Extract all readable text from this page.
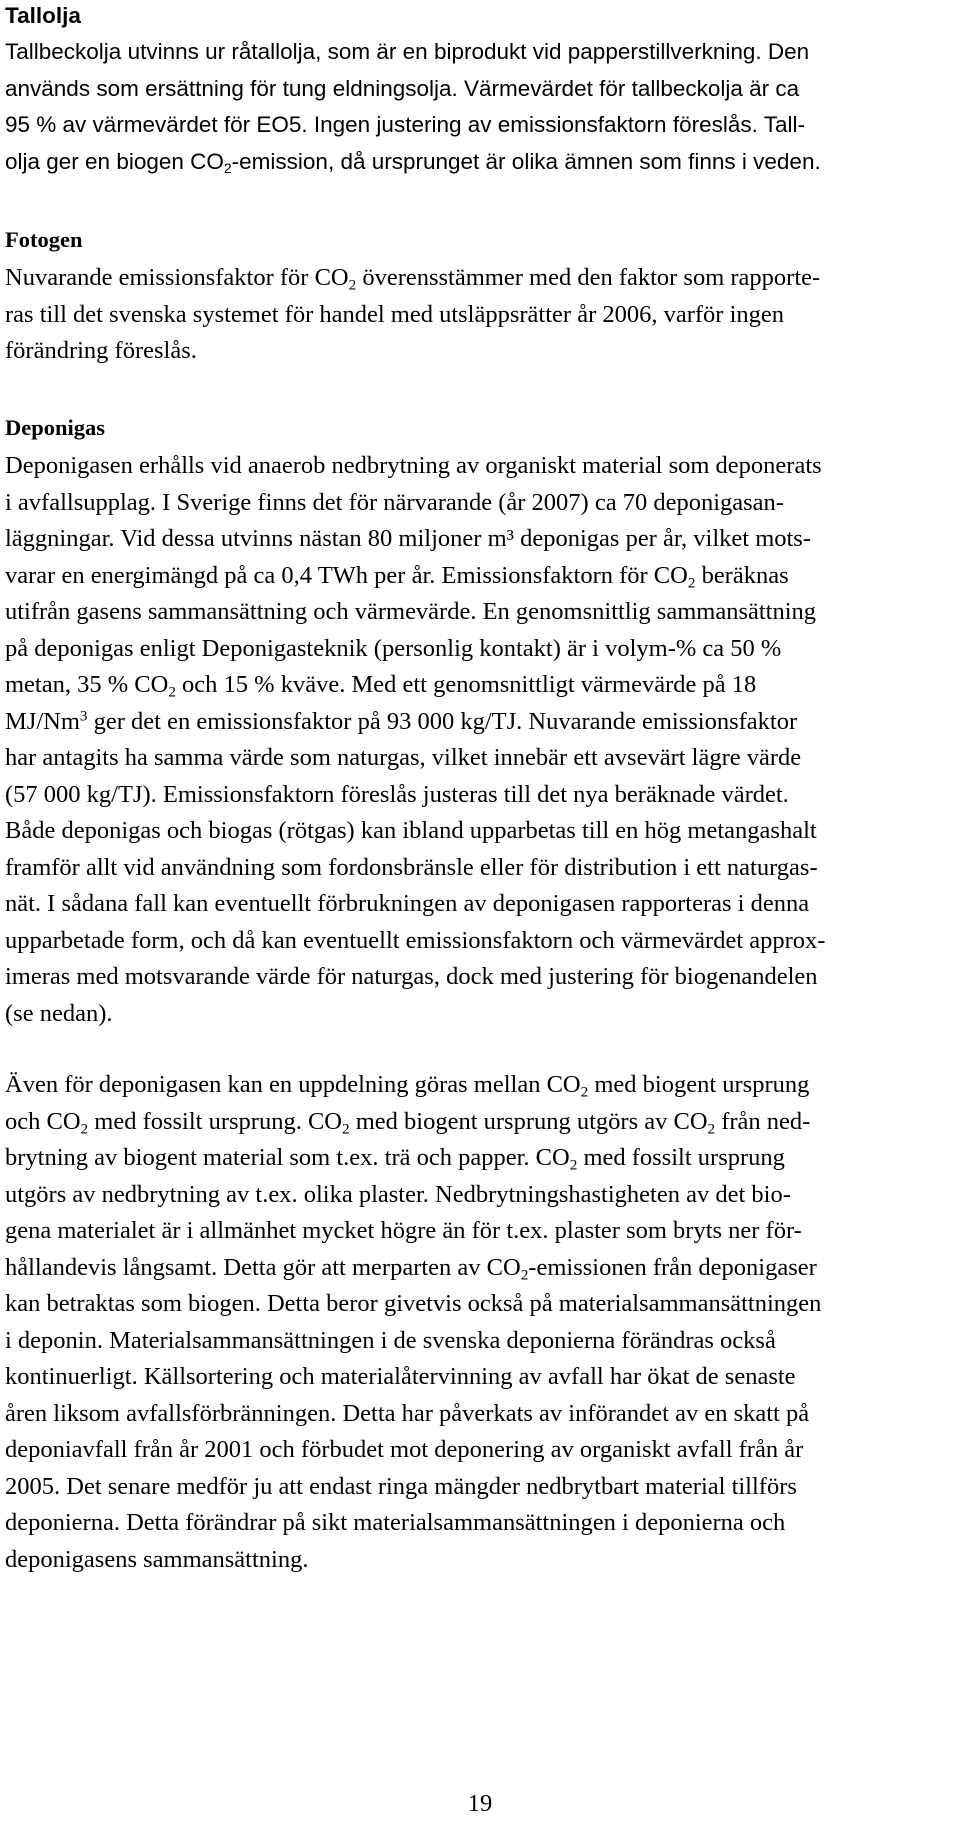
Tallolja

Tallbeckolja utvinns ur råtallolja, som är en biprodukt vid papperstillverkning. Den
används som ersättning för tung eldningsolja. Värmevärdet för tallbeckolja är ca
95 % av värmevärdet för EO5. Ingen justering av emissionsfaktorn föreslås. Tall-
olja ger en biogen $CO_2$-emission, då ursprunget är olika ämnen som finns i veden.

Fotogen

Nuvarande emissionsfaktor för $CO_2$ överensstämmer med den faktor som rapporte-
ras till det svenska systemet för handel med utsläppsrätter år 2006, varför ingen
förändring föreslås.

Deponigas

Deponigasen erhålls vid anaerob nedbrytning av organiskt material som deponerats
i avfallsupplag. I Sverige finns det för närvarande (år 2007) ca 70 deponigasan-
läggningar. Vid dessa utvinns nästan 80 miljoner m³ deponigas per år, vilket mots-
varar en energimängd på ca 0,4 TWh per år. Emissionsfaktorn för $CO_2$ beräknas
utifrån gasens sammansättning och värmevärde. En genomsnittlig sammansättning
på deponigas enligt Deponigasteknik (personlig kontakt) är i volym-% ca 50 %
metan, 35 % $CO_2$ och 15 % kväve. Med ett genomsnittligt värmevärde på 18
MJ/Nm$^3$ ger det en emissionsfaktor på 93 000 kg/TJ. Nuvarande emissionsfaktor
har antagits ha samma värde som naturgas, vilket innebär ett avsevärt lägre värde
(57 000 kg/TJ). Emissionsfaktorn föreslås justeras till det nya beräknade värdet.
Både deponigas och biogas (rötgas) kan ibland upparbetas till en hög metangashalt
framför allt vid användning som fordonsbränsle eller för distribution i ett naturgas-
nät. I sådana fall kan eventuellt förbrukningen av deponigasen rapporteras i denna
upparbetade form, och då kan eventuellt emissionsfaktorn och värmevärdet approx-
imeras med motsvarande värde för naturgas, dock med justering för biogenandelen
(se nedan).

Även för deponigasen kan en uppdelning göras mellan $CO_2$ med biogent ursprung
och $CO_2$ med fossilt ursprung. $CO_2$ med biogent ursprung utgörs av $CO_2$ från ned-
brytning av biogent material som t.ex. trä och papper. $CO_2$ med fossilt ursprung
utgörs av nedbrytning av t.ex. olika plaster. Nedbrytningshastigheten av det bio-
gena materialet är i allmänhet mycket högre än för t.ex. plaster som bryts ner för-
hållandevis långsamt. Detta gör att merparten av $CO_2$-emissionen från deponigaser
kan betraktas som biogen. Detta beror givetvis också på materialsammansättningen
i deponin. Materialsammansättningen i de svenska deponierna förändras också
kontinuerligt. Källsortering och materialåtervinning av avfall har ökat de senaste
åren liksom avfallsförbränningen. Detta har påverkats av införandet av en skatt på
deponiavfall från år 2001 och förbudet mot deponering av organiskt avfall från år
2005. Det senare medför ju att endast ringa mängder nedbrytbart material tillförs
deponierna. Detta förändrar på sikt materialsammansättningen i deponierna och
deponigasens sammansättning.

19
